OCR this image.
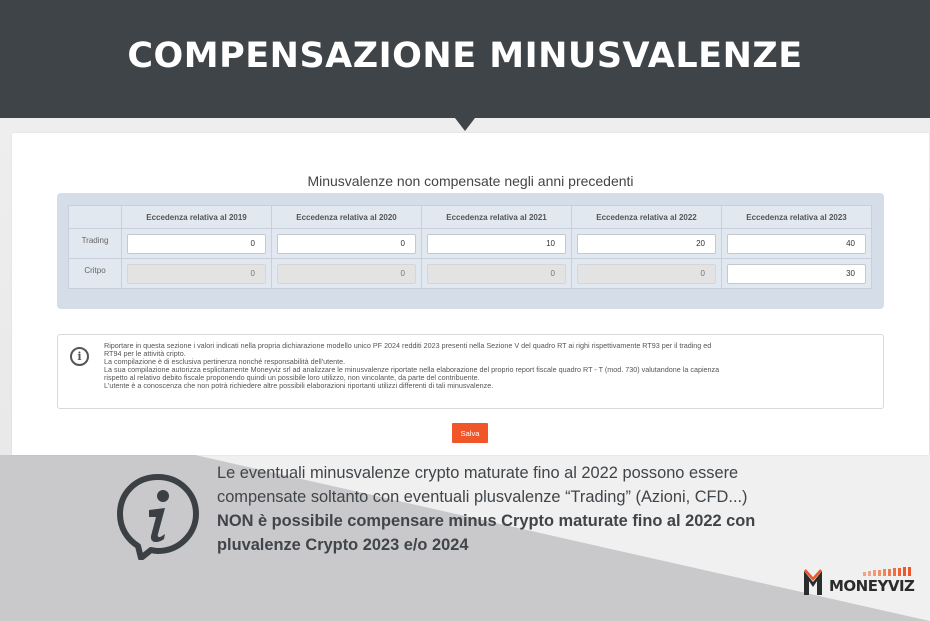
COMPENSAZIONE MINUSVALENZE
Minusvalenze non compensate negli anni precedenti
	Eccedenza relativa al 2019	Eccedenza relativa al 2020	Eccedenza relativa al 2021	Eccedenza relativa al 2022	Eccedenza relativa al 2023
Trading	0	0	10	20	40

Critpo	0	0	0	0	30
i
Riportare in questa sezione i valori indicati nella propria dichiarazione modello unico PF 2024 redditi 2023 presenti nella Sezione V del quadro RT ai righi rispettivamente RT93 per il trading ed
RT94 per le attività cripto.
La compilazione è di esclusiva pertinenza nonché responsabilità dell'utente.
La sua compilazione autorizza esplicitamente Moneyviz srl ad analizzare le minusvalenze riportate nella elaborazione del proprio report fiscale quadro RT - T (mod. 730) valutandone la capienza
rispetto al relativo debito fiscale proponendo quindi un possibile loro utilizzo, non vincolante, da parte del contribuente.
L'utente è a conoscenza che non potrà richiedere altre possibili elaborazioni riportanti utilizzi differenti di tali minusvalenze.
Salva
Le eventuali minusvalenze crypto maturate fino al 2022 possono essere
compensate soltanto con eventuali plusvalenze “Trading” (Azioni, CFD...)
NON è possibile compensare minus Crypto maturate fino al 2022 con
pluvalenze Crypto 2023 e/o 2024
MONEYVIZ
